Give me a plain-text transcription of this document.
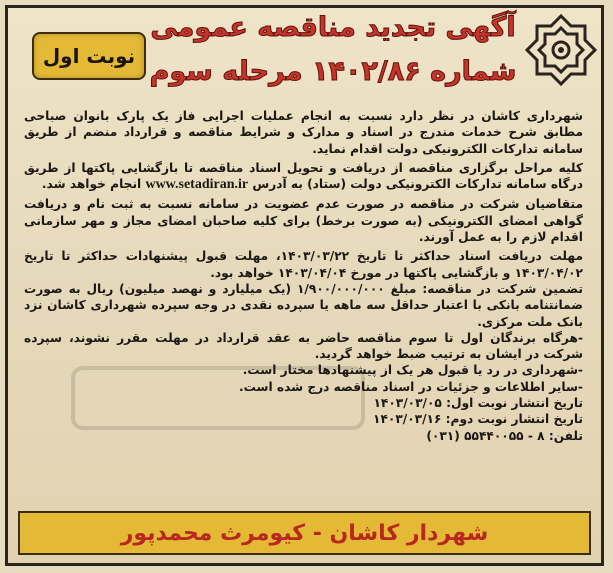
نوبت اول
آگهی تجدید مناقصه عمومی
شماره ۱۴۰۲/۸۶ مرحله سوم

شهرداری کاشان در نظر دارد نسبت به انجام عملیات اجرایی فاز یک پارک بانوان صباحی مطابق شرح خدمات مندرج در اسناد و مدارک و شرایط مناقصه و قرارداد منضم از طریق سامانه تدارکات الکترونیکی دولت اقدام نماید.

کلیه مراحل برگزاری مناقصه از دریافت و تحویل اسناد مناقصه تا بازگشایی پاکتها از طریق درگاه سامانه تدارکات الکترونیکی دولت (ستاد) به آدرس www.setadiran.ir انجام خواهد شد.

متقاضیان شرکت در مناقصه در صورت عدم عضویت در سامانه نسبت به ثبت نام و دریافت گواهی امضای الکترونیکی (به صورت برخط) برای کلیه صاحبان امضای مجاز و مهر سازمانی اقدام لازم را به عمل آورند.

مهلت دریافت اسناد حداکثر تا تاریخ ۱۴۰۳/۰۳/۲۲، مهلت قبول پیشنهادات حداکثر تا تاریخ ۱۴۰۳/۰۴/۰۲ و بازگشایی پاکتها در مورخ ۱۴۰۳/۰۴/۰۴ خواهد بود.

تضمین شرکت در مناقصه: مبلغ ۱/۹۰۰/۰۰۰/۰۰۰ (یک میلیارد و نهصد میلیون) ریال به صورت ضمانتنامه بانکی با اعتبار حداقل سه ماهه یا سپرده نقدی در وجه سپرده شهرداری کاشان نزد بانک ملت مرکزی.

-هرگاه برندگان اول تا سوم مناقصه حاضر به عقد قرارداد در مهلت مقرر نشوند، سپرده شرکت در ایشان به ترتیب ضبط خواهد گردید.

-شهرداری در رد یا قبول هر یک از پیشنهادها مختار است.

-سایر اطلاعات و جزئیات در اسناد مناقصه درج شده است.

تاریخ انتشار نوبت اول: ۱۴۰۳/۰۳/۰۵

تاریخ انتشار نوبت دوم: ۱۴۰۳/۰۳/۱۶

تلفن: ۸ - ۵۵۴۴۰۰۵۵ (۰۳۱)

شهردار کاشان - کیومرث محمدپور
